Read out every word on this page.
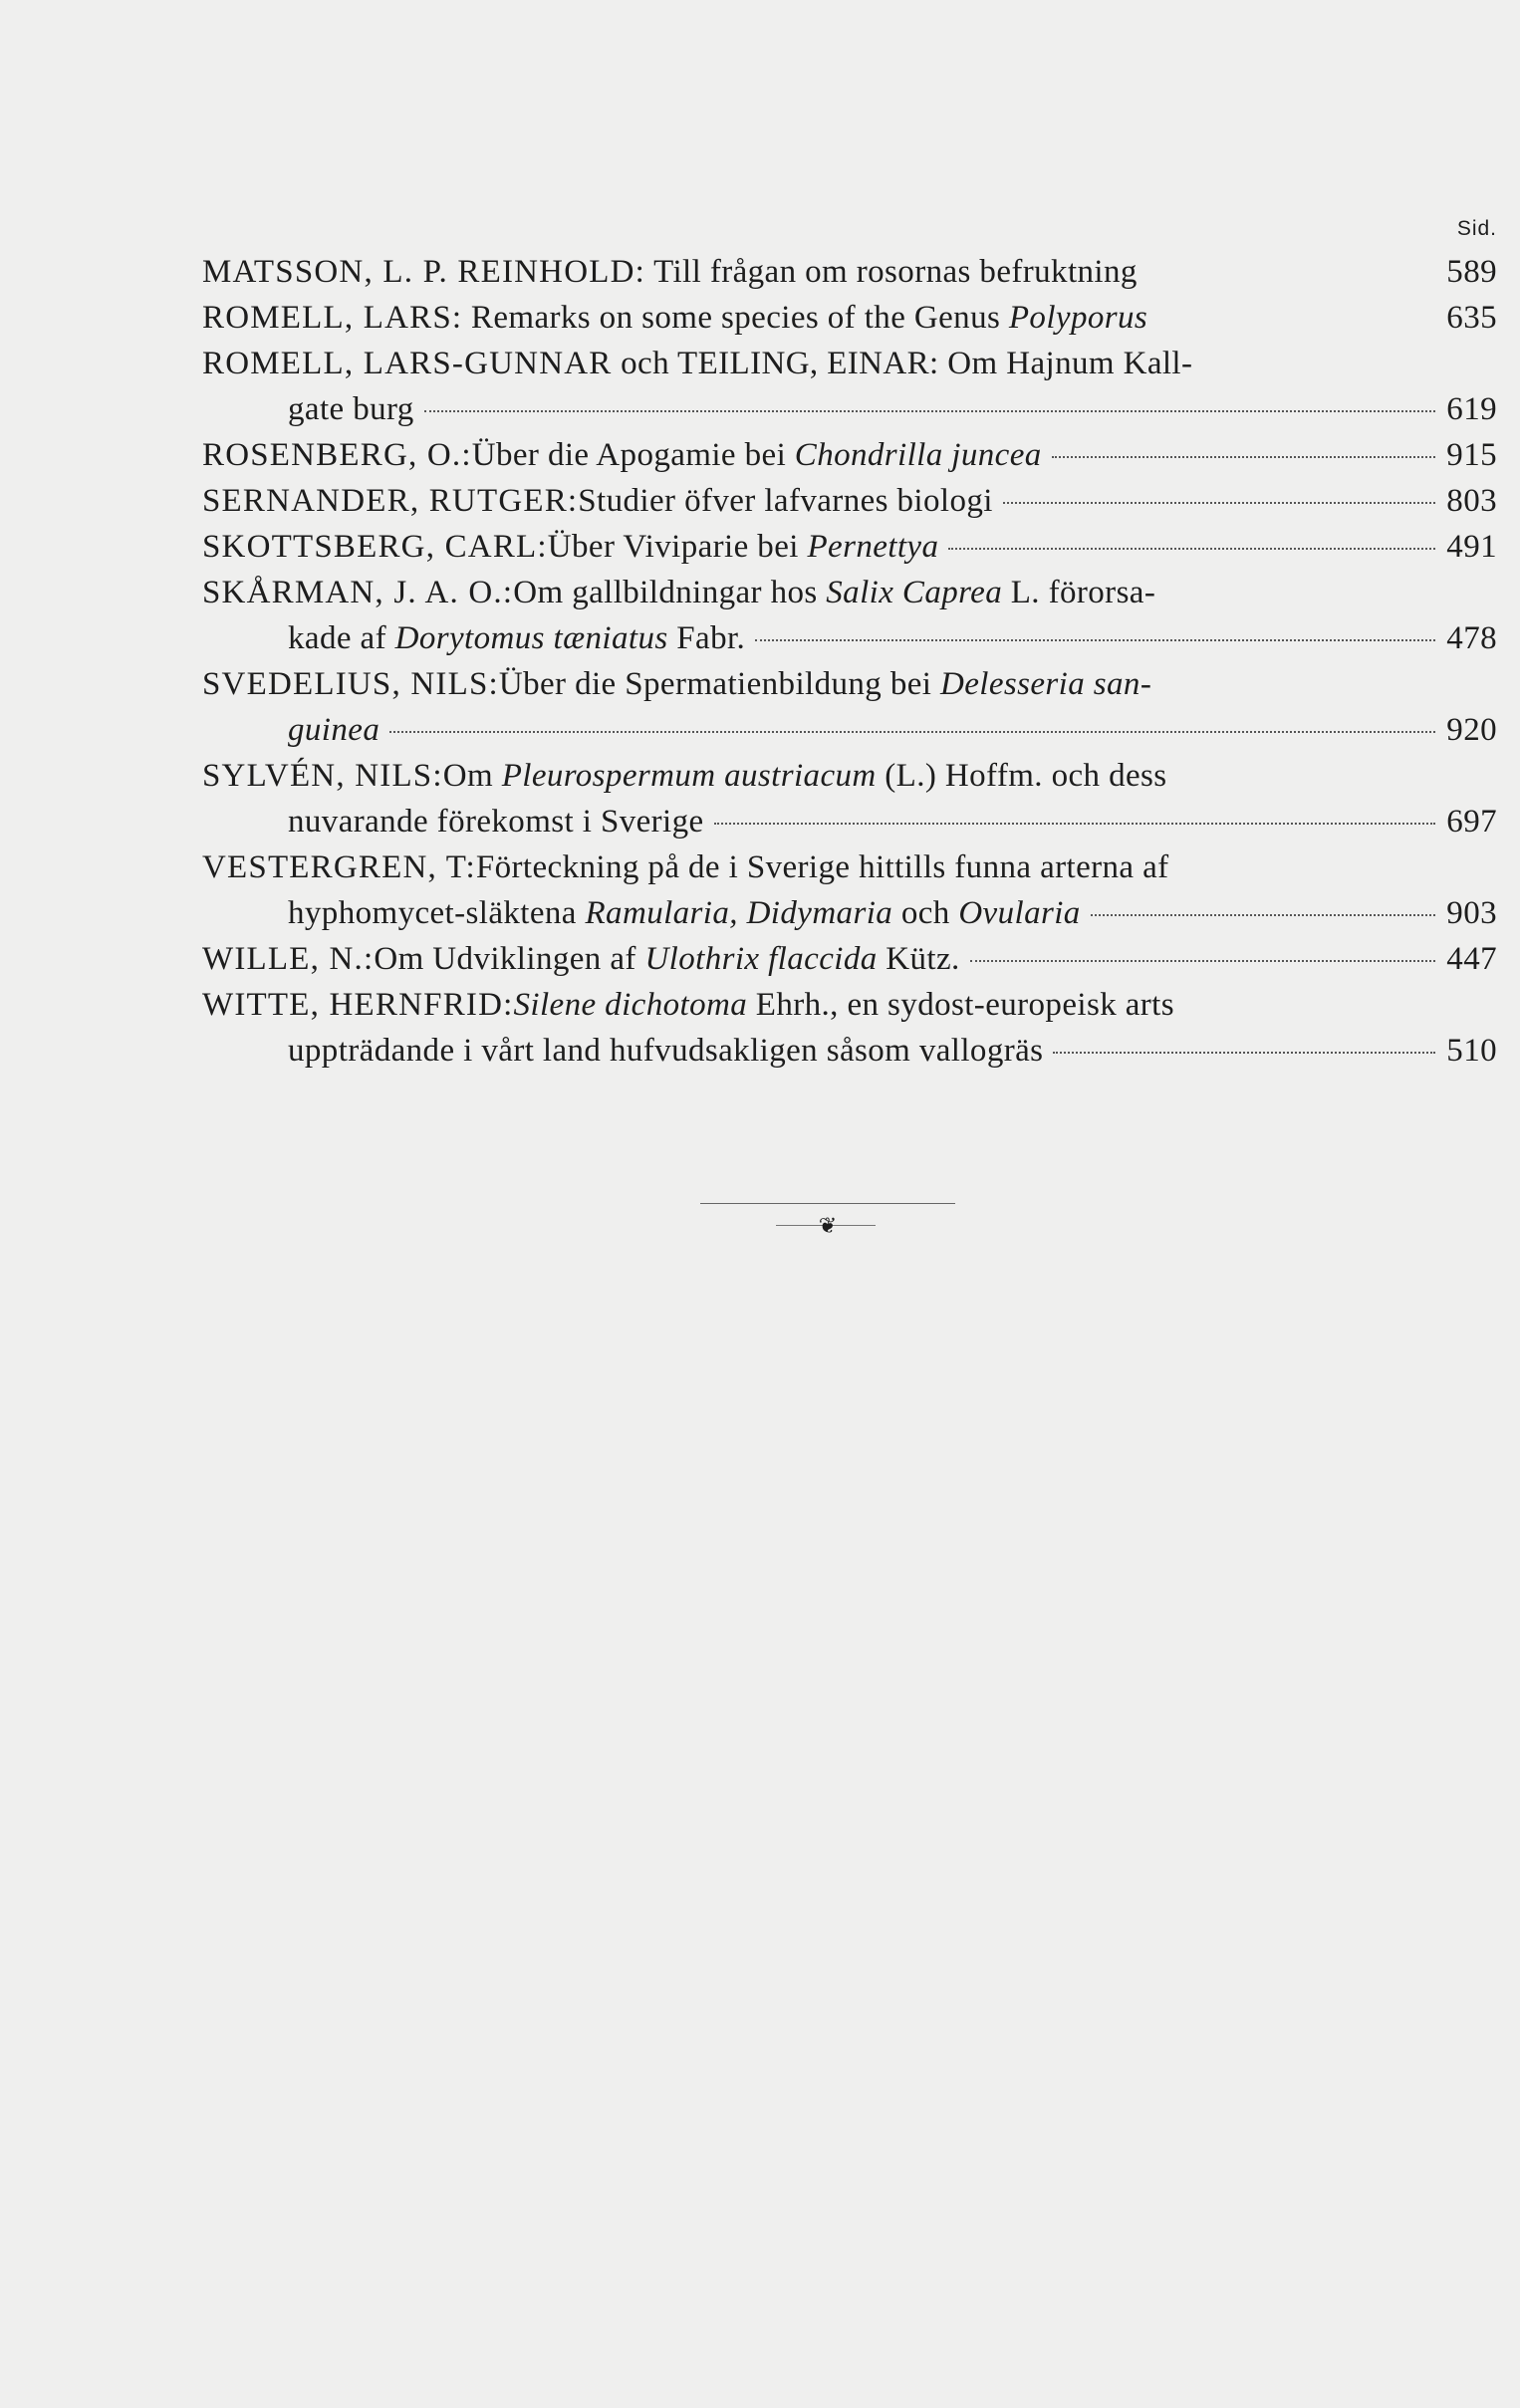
Sid.
MATSSON, L. P. REINHOLD: Till frågan om rosornas befruktning	589
ROMELL, LARS: Remarks on some species of the Genus Polyporus	635
ROMELL, LARS-GUNNAR och TEILING, EINAR: Om Hajnum Kall-
gate burg	619
ROSENBERG, O.: Über die Apogamie bei Chondrilla juncea	915
SERNANDER, RUTGER: Studier öfver lafvarnes biologi	803
SKOTTSBERG, CARL: Über Viviparie bei Pernettya	491
SKÅRMAN, J. A. O.: Om gallbildningar hos Salix Caprea L. förorsa-
kade af Dorytomus tæniatus Fabr.	478
SVEDELIUS, NILS: Über die Spermatienbildung bei Delesseria san-
guinea	920
SYLVÉN, NILS: Om Pleurospermum austriacum (L.) Hoffm. och dess
nuvarande förekomst i Sverige	697
VESTERGREN, T: Förteckning på de i Sverige hittills funna arterna af
hyphomycet-släktena Ramularia, Didymaria och Ovularia	903
WILLE, N.: Om Udviklingen af Ulothrix flaccida Kütz.	447
WITTE, HERNFRID: Silene dichotoma Ehrh., en sydost-europeisk arts
uppträdande i vårt land hufvudsakligen såsom vallogräs	510
❦
